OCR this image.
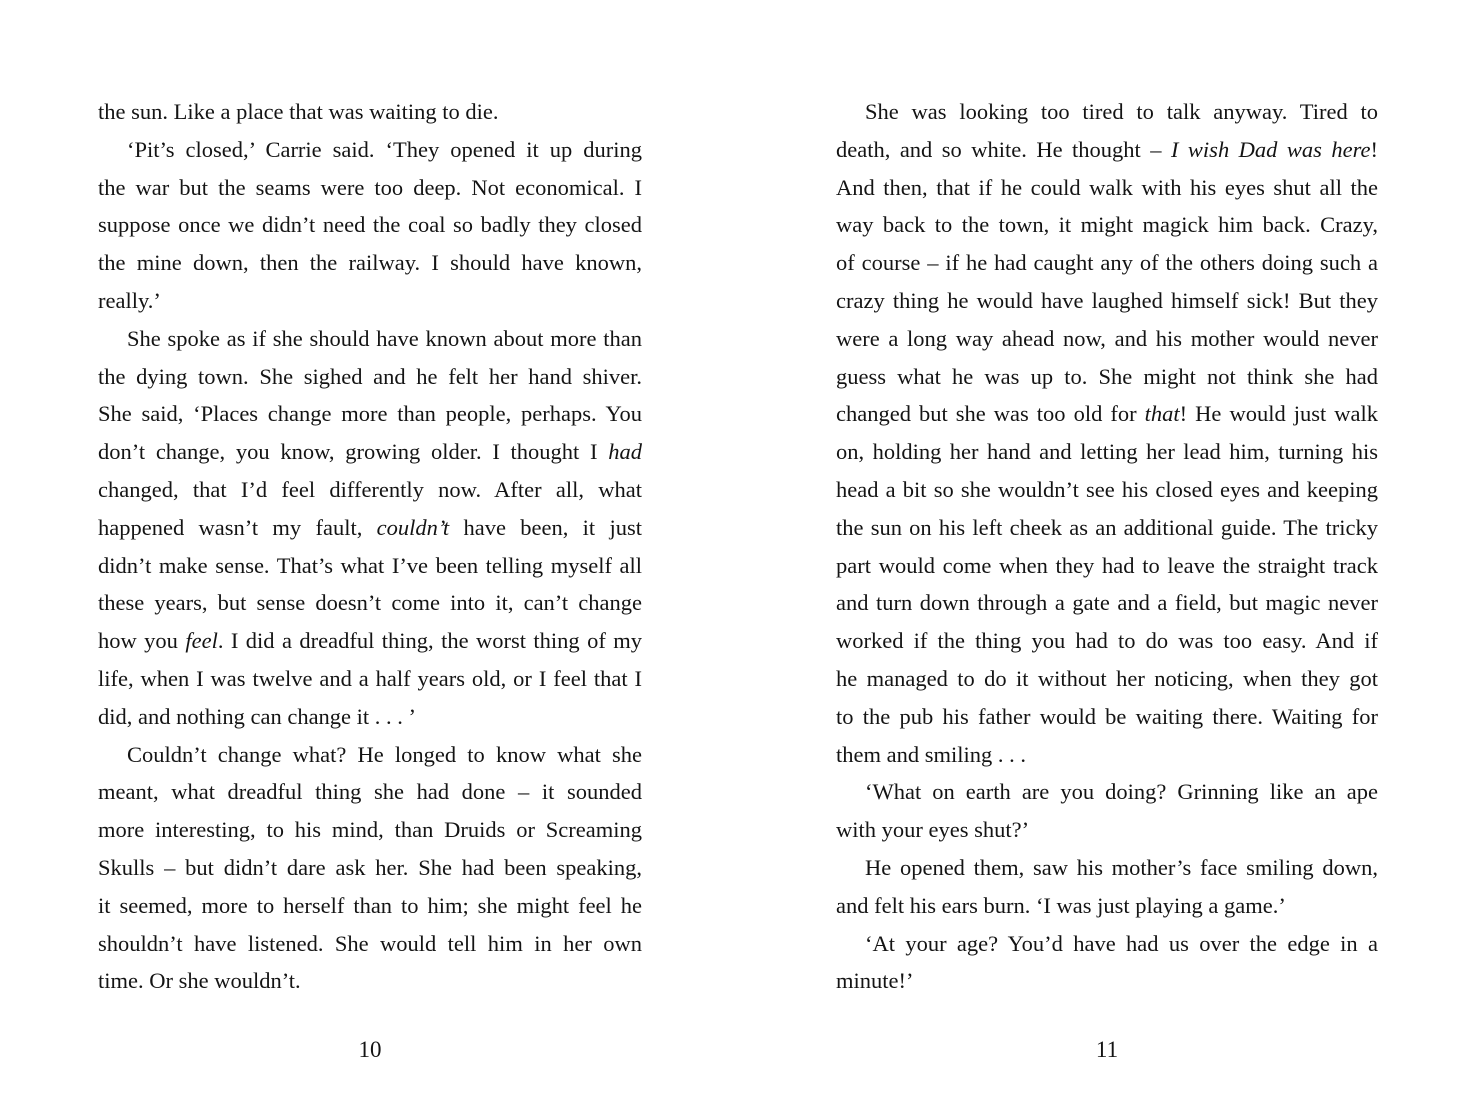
the sun. Like a place that was waiting to die.
‘Pit’s closed,’ Carrie said. ‘They opened it up during
the war but the seams were too deep. Not economical. I
suppose once we didn’t need the coal so badly they closed
the mine down, then the railway. I should have known,
really.’
She spoke as if she should have known about more than
the dying town. She sighed and he felt her hand shiver.
She said, ‘Places change more than people, perhaps. You
don’t change, you know, growing older. I thought I had
changed, that I’d feel differently now. After all, what
happened wasn’t my fault, couldn’t have been, it just
didn’t make sense. That’s what I’ve been telling myself all
these years, but sense doesn’t come into it, can’t change
how you feel. I did a dreadful thing, the worst thing of my
life, when I was twelve and a half years old, or I feel that I
did, and nothing can change it . . . ’
Couldn’t change what? He longed to know what she
meant, what dreadful thing she had done – it sounded
more interesting, to his mind, than Druids or Screaming
Skulls – but didn’t dare ask her. She had been speaking,
it seemed, more to herself than to him; she might feel he
shouldn’t have listened. She would tell him in her own
time. Or she wouldn’t.
10
She was looking too tired to talk anyway. Tired to
death, and so white. He thought – I wish Dad was here!
And then, that if he could walk with his eyes shut all the
way back to the town, it might magick him back. Crazy,
of course – if he had caught any of the others doing such a
crazy thing he would have laughed himself sick! But they
were a long way ahead now, and his mother would never
guess what he was up to. She might not think she had
changed but she was too old for that! He would just walk
on, holding her hand and letting her lead him, turning his
head a bit so she wouldn’t see his closed eyes and keeping
the sun on his left cheek as an additional guide. The tricky
part would come when they had to leave the straight track
and turn down through a gate and a field, but magic never
worked if the thing you had to do was too easy. And if
he managed to do it without her noticing, when they got
to the pub his father would be waiting there. Waiting for
them and smiling . . .
‘What on earth are you doing? Grinning like an ape
with your eyes shut?’
He opened them, saw his mother’s face smiling down,
and felt his ears burn. ‘I was just playing a game.’
‘At your age? You’d have had us over the edge in a
minute!’
11
